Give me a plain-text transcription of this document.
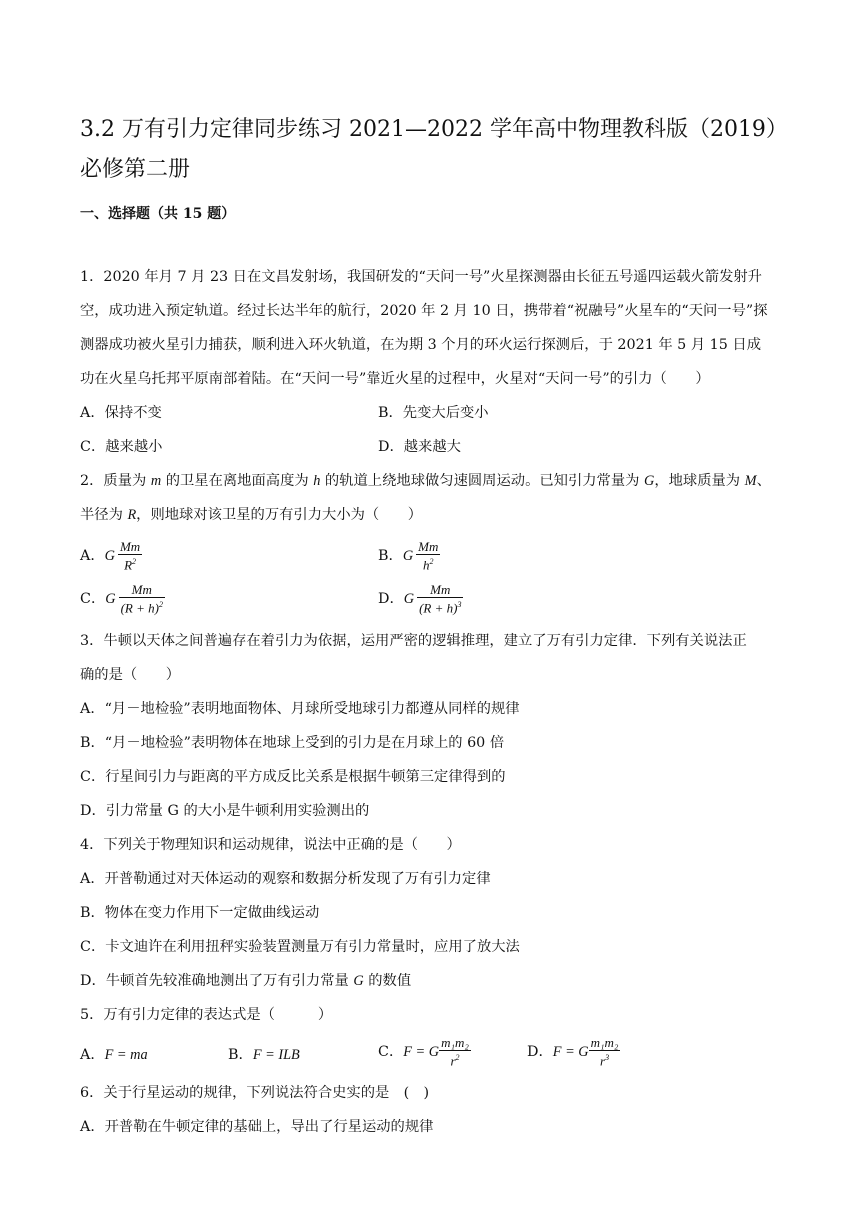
3.2 万有引力定律同步练习 2021—2022 学年高中物理教科版（2019）必修第二册
一、选择题（共 15 题）
1．2020 年月 7 月 23 日在文昌发射场，我国研发的“天问一号”火星探测器由长征五号遥四运载火箭发射升
空，成功进入预定轨道。经过长达半年的航行，2020 年 2 月 10 日，携带着“祝融号”火星车的“天问一号”探
测器成功被火星引力捕获，顺利进入环火轨道，在为期 3 个月的环火运行探测后，于 2021 年 5 月 15 日成
功在火星乌托邦平原南部着陆。在“天问一号”靠近火星的过程中，火星对“天问一号”的引力（　　）
A．保持不变	B．先变大后变小
C．越来越小	D．越来越大
2．质量为 m 的卫星在离地面高度为 h 的轨道上绕地球做匀速圆周运动。已知引力常量为 G，地球质量为 M、
半径为 R，则地球对该卫星的万有引力大小为（　　）
A．G $\frac{Mm}{R^2}$	B．G $\frac{Mm}{h^2}$
C．G $\frac{Mm}{(R + h)^2}$	D．G $\frac{Mm}{(R + h)^3}$
3．牛顿以天体之间普遍存在着引力为依据，运用严密的逻辑推理，建立了万有引力定律．下列有关说法正
确的是（　　）
A．“月－地检验”表明地面物体、月球所受地球引力都遵从同样的规律
B．“月－地检验”表明物体在地球上受到的引力是在月球上的 60 倍
C．行星间引力与距离的平方成反比关系是根据牛顿第三定律得到的
D．引力常量 G 的大小是牛顿利用实验测出的
4．下列关于物理知识和运动规律，说法中正确的是（　　）
A．开普勒通过对天体运动的观察和数据分析发现了万有引力定律
B．物体在变力作用下一定做曲线运动
C．卡文迪许在利用扭秤实验装置测量万有引力常量时，应用了放大法
D．牛顿首先较准确地测出了万有引力常量 G 的数值
5．万有引力定律的表达式是（　　　）
A．F = ma	B．F = ILB	C．F = G $\frac{\text{m₁m₂}}{r^2}$	D．F = G $\frac{\text{m₁m₂}}{r^3}$
6．关于行星运动的规律，下列说法符合史实的是　(　)
A．开普勒在牛顿定律的基础上，导出了行星运动的规律
